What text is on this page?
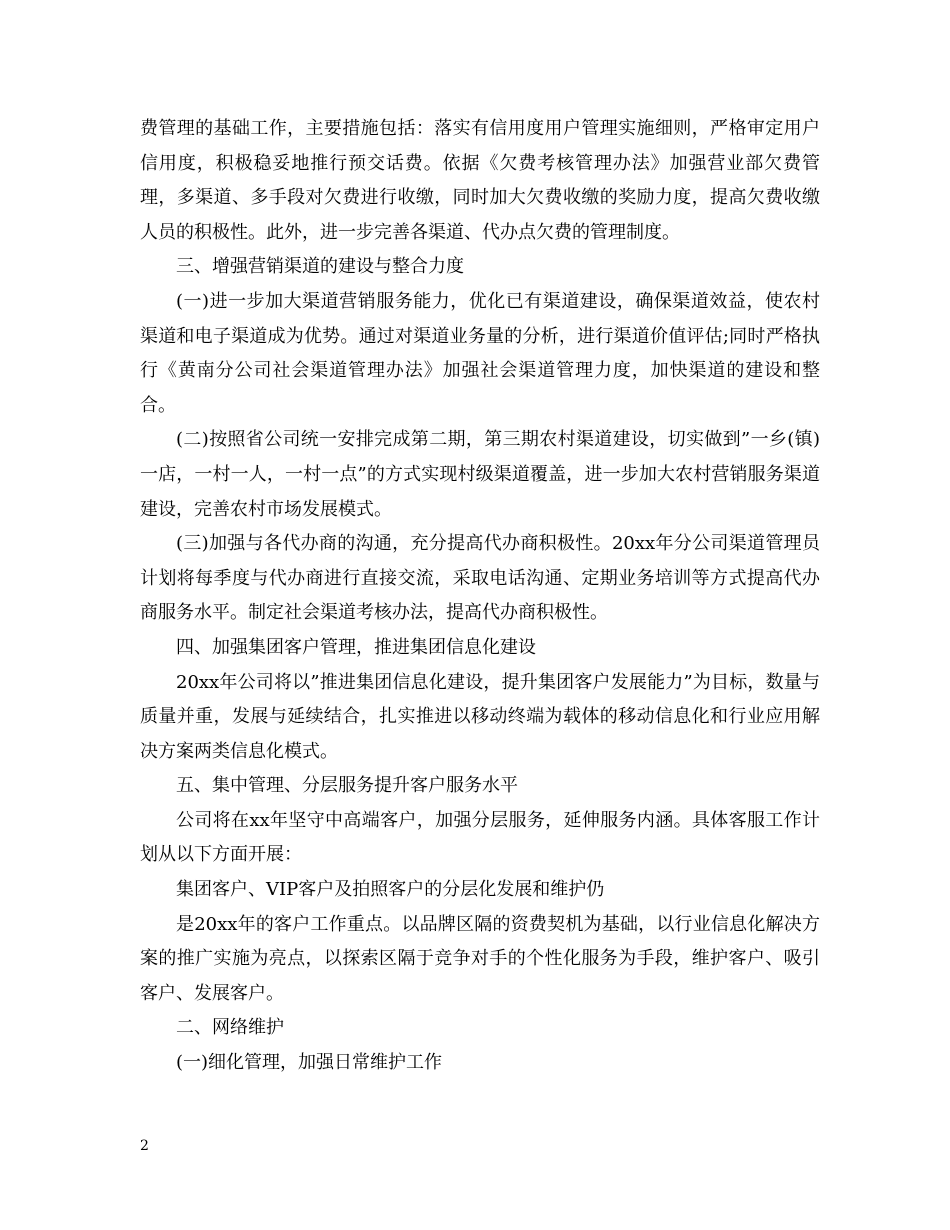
费管理的基础工作，主要措施包括：落实有信用度用户管理实施细则，严格审定用户信用度，积极稳妥地推行预交话费。依据《欠费考核管理办法》加强营业部欠费管理，多渠道、多手段对欠费进行收缴，同时加大欠费收缴的奖励力度，提高欠费收缴人员的积极性。此外，进一步完善各渠道、代办点欠费的管理制度。

三、增强营销渠道的建设与整合力度

(一)进一步加大渠道营销服务能力，优化已有渠道建设，确保渠道效益，使农村渠道和电子渠道成为优势。通过对渠道业务量的分析，进行渠道价值评估;同时严格执行《黄南分公司社会渠道管理办法》加强社会渠道管理力度，加快渠道的建设和整合。

(二)按照省公司统一安排完成第二期，第三期农村渠道建设，切实做到”一乡(镇)一店，一村一人，一村一点”的方式实现村级渠道覆盖，进一步加大农村营销服务渠道建设，完善农村市场发展模式。

(三)加强与各代办商的沟通，充分提高代办商积极性。20xx年分公司渠道管理员计划将每季度与代办商进行直接交流，采取电话沟通、定期业务培训等方式提高代办商服务水平。制定社会渠道考核办法，提高代办商积极性。

四、加强集团客户管理，推进集团信息化建设

20xx年公司将以”推进集团信息化建设，提升集团客户发展能力”为目标，数量与质量并重，发展与延续结合，扎实推进以移动终端为载体的移动信息化和行业应用解决方案两类信息化模式。

五、集中管理、分层服务提升客户服务水平

公司将在xx年坚守中高端客户，加强分层服务，延伸服务内涵。具体客服工作计划从以下方面开展：

集团客户、VIP客户及拍照客户的分层化发展和维护仍

是20xx年的客户工作重点。以品牌区隔的资费契机为基础，以行业信息化解决方案的推广实施为亮点，以探索区隔于竞争对手的个性化服务为手段，维护客户、吸引客户、发展客户。

二、网络维护

(一)细化管理，加强日常维护工作

2
